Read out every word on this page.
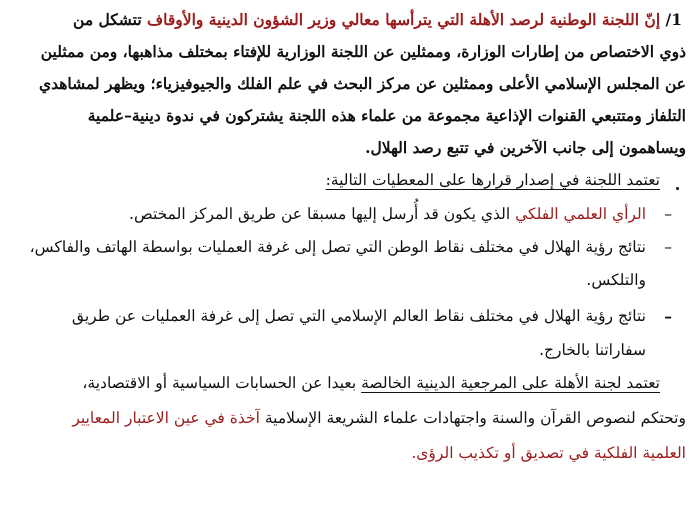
1/ إنّ اللجنة الوطنية لرصد الأهلة التي يترأسها معالي وزير الشؤون الدينية والأوقاف تتشكل من
ذوي الاختصاص من إطارات الوزارة، وممثلين عن اللجنة الوزارية للإفتاء بمختلف مذاهبها، ومن ممثلين
عن المجلس الإسلامي الأعلى وممثلين عن مركز البحث في علم الفلك والجيوفيزياء؛ ويظهر لمشاهدي
التلفاز ومتتبعي القنوات الإذاعية مجموعة من علماء هذه اللجنة يشتركون في ندوة دينية–علمية
ويساهمون إلى جانب الآخرين في تتبع رصد الهلال.
تعتمد اللجنة في إصدار قرارها على المعطيات التالية:
–
الرأي العلمي الفلكي الذي يكون قد أُرسل إليها مسبقا عن طريق المركز المختص.
–
نتائج رؤية الهلال في مختلف نقاط الوطن التي تصل إلى غرفة العمليات بواسطة الهاتف والفاكس،
والتلكس.
–
نتائج رؤية الهلال في مختلف نقاط العالم الإسلامي التي تصل إلى غرفة العمليات عن طريق
سفاراتنا بالخارج.
تعتمد لجنة الأهلة على المرجعية الدينية الخالصة بعيدا عن الحسابات السياسية أو الاقتصادية،
وتحتكم لنصوص القرآن والسنة واجتهادات علماء الشريعة الإسلامية آخذة في عين الاعتبار المعايير
العلمية الفلكية في تصديق أو تكذيب الرؤى.
